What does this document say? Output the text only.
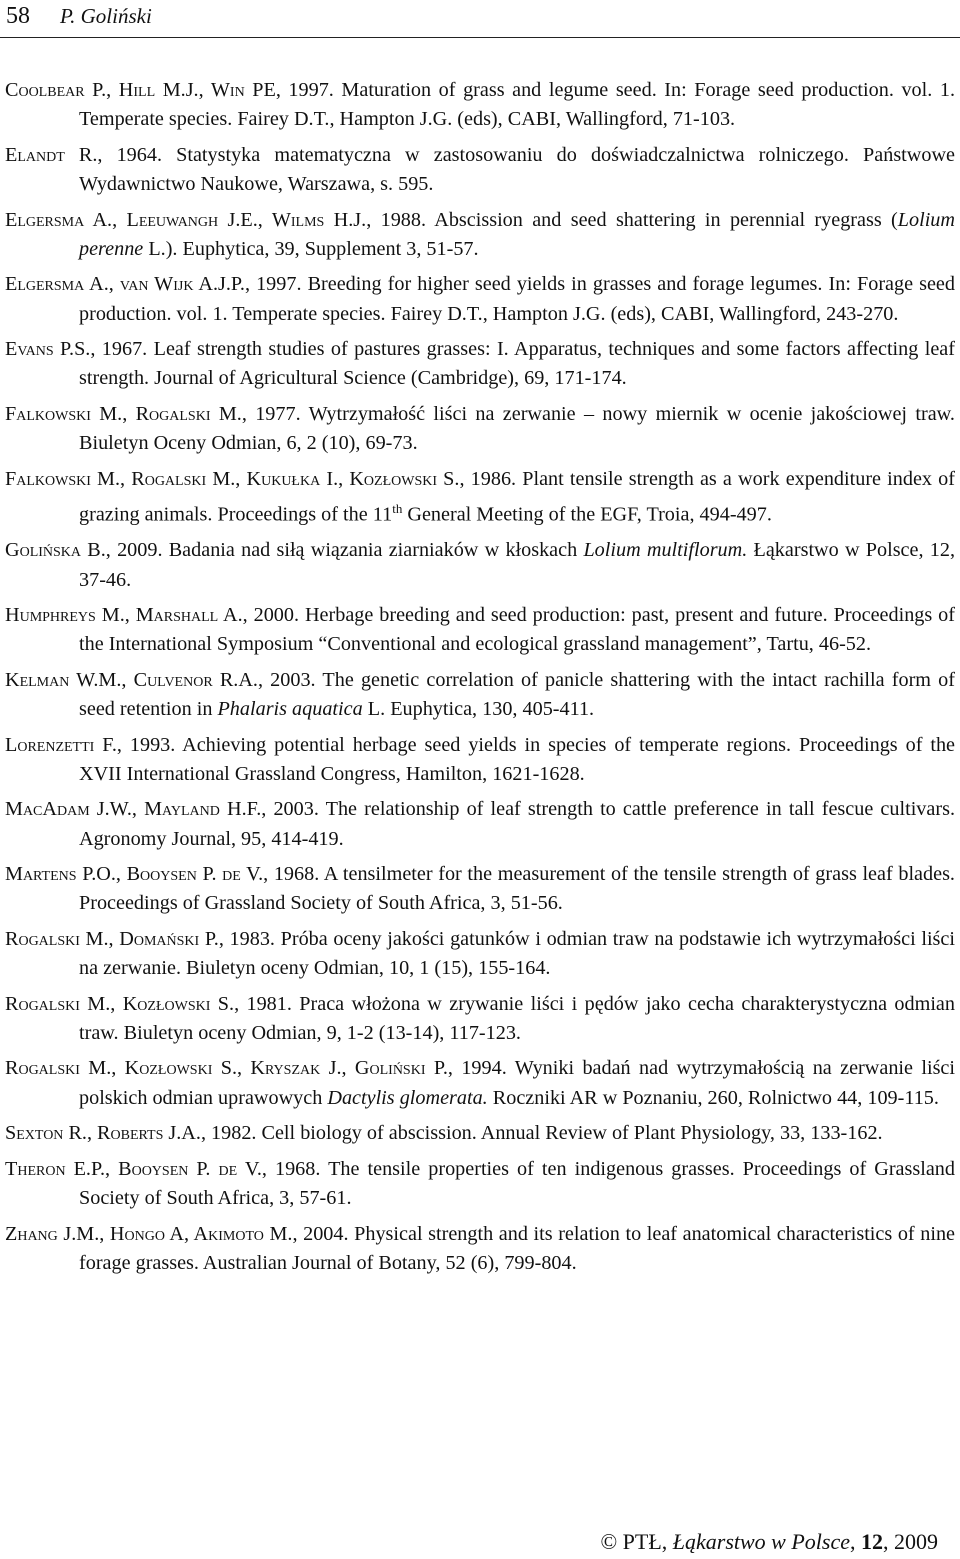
58 P. Goliński

Coolbear P., Hill M.J., Win PE, 1997. Maturation of grass and legume seed. In: Forage seed production. vol. 1. Temperate species. Fairey D.T., Hampton J.G. (eds), CABI, Wallingford, 71-103.

Elandt R., 1964. Statystyka matematyczna w zastosowaniu do doświadczalnictwa rolniczego. Państwowe Wydawnictwo Naukowe, Warszawa, s. 595.

Elgersma A., Leeuwangh J.E., Wilms H.J., 1988. Abscission and seed shattering in perennial ryegrass (Lolium perenne L.). Euphytica, 39, Supplement 3, 51-57.

Elgersma A., van Wijk A.J.P., 1997. Breeding for higher seed yields in grasses and forage legumes. In: Forage seed production. vol. 1. Temperate species. Fairey D.T., Hampton J.G. (eds), CABI, Wallingford, 243-270.

Evans P.S., 1967. Leaf strength studies of pastures grasses: I. Apparatus, techniques and some factors affecting leaf strength. Journal of Agricultural Science (Cambridge), 69, 171-174.

Falkowski M., Rogalski M., 1977. Wytrzymałość liści na zerwanie – nowy miernik w ocenie jakościowej traw. Biuletyn Oceny Odmian, 6, 2 (10), 69-73.

Falkowski M., Rogalski M., Kukułka I., Kozłowski S., 1986. Plant tensile strength as a work expenditure index of grazing animals. Proceedings of the 11th General Meeting of the EGF, Troia, 494-497.

Golińska B., 2009. Badania nad siłą wiązania ziarniaków w kłoskach Lolium multiflorum. Łąkarstwo w Polsce, 12, 37-46.

Humphreys M., Marshall A., 2000. Herbage breeding and seed production: past, present and future. Proceedings of the International Symposium “Conventional and ecological grassland management”, Tartu, 46-52.

Kelman W.M., Culvenor R.A., 2003. The genetic correlation of panicle shattering with the intact rachilla form of seed retention in Phalaris aquatica L. Euphytica, 130, 405-411.

Lorenzetti F., 1993. Achieving potential herbage seed yields in species of temperate regions. Proceedings of the XVII International Grassland Congress, Hamilton, 1621-1628.

MacAdam J.W., Mayland H.F., 2003. The relationship of leaf strength to cattle preference in tall fescue cultivars. Agronomy Journal, 95, 414-419.

Martens P.O., Booysen P. de V., 1968. A tensilmeter for the measurement of the tensile strength of grass leaf blades. Proceedings of Grassland Society of South Africa, 3, 51-56.

Rogalski M., Domański P., 1983. Próba oceny jakości gatunków i odmian traw na podstawie ich wytrzymałości liści na zerwanie. Biuletyn oceny Odmian, 10, 1 (15), 155-164.

Rogalski M., Kozłowski S., 1981. Praca włożona w zrywanie liści i pędów jako cecha charakterystyczna odmian traw. Biuletyn oceny Odmian, 9, 1-2 (13-14), 117-123.

Rogalski M., Kozłowski S., Kryszak J., Goliński P., 1994. Wyniki badań nad wytrzymałością na zerwanie liści polskich odmian uprawowych Dactylis glomerata. Roczniki AR w Poznaniu, 260, Rolnictwo 44, 109-115.

Sexton R., Roberts J.A., 1982. Cell biology of abscission. Annual Review of Plant Physiology, 33, 133-162.

Theron E.P., Booysen P. de V., 1968. The tensile properties of ten indigenous grasses. Proceedings of Grassland Society of South Africa, 3, 57-61.

Zhang J.M., Hongo A, Akimoto M., 2004. Physical strength and its relation to leaf anatomical characteristics of nine forage grasses. Australian Journal of Botany, 52 (6), 799-804.

© PTŁ, Łąkarstwo w Polsce, 12, 2009
